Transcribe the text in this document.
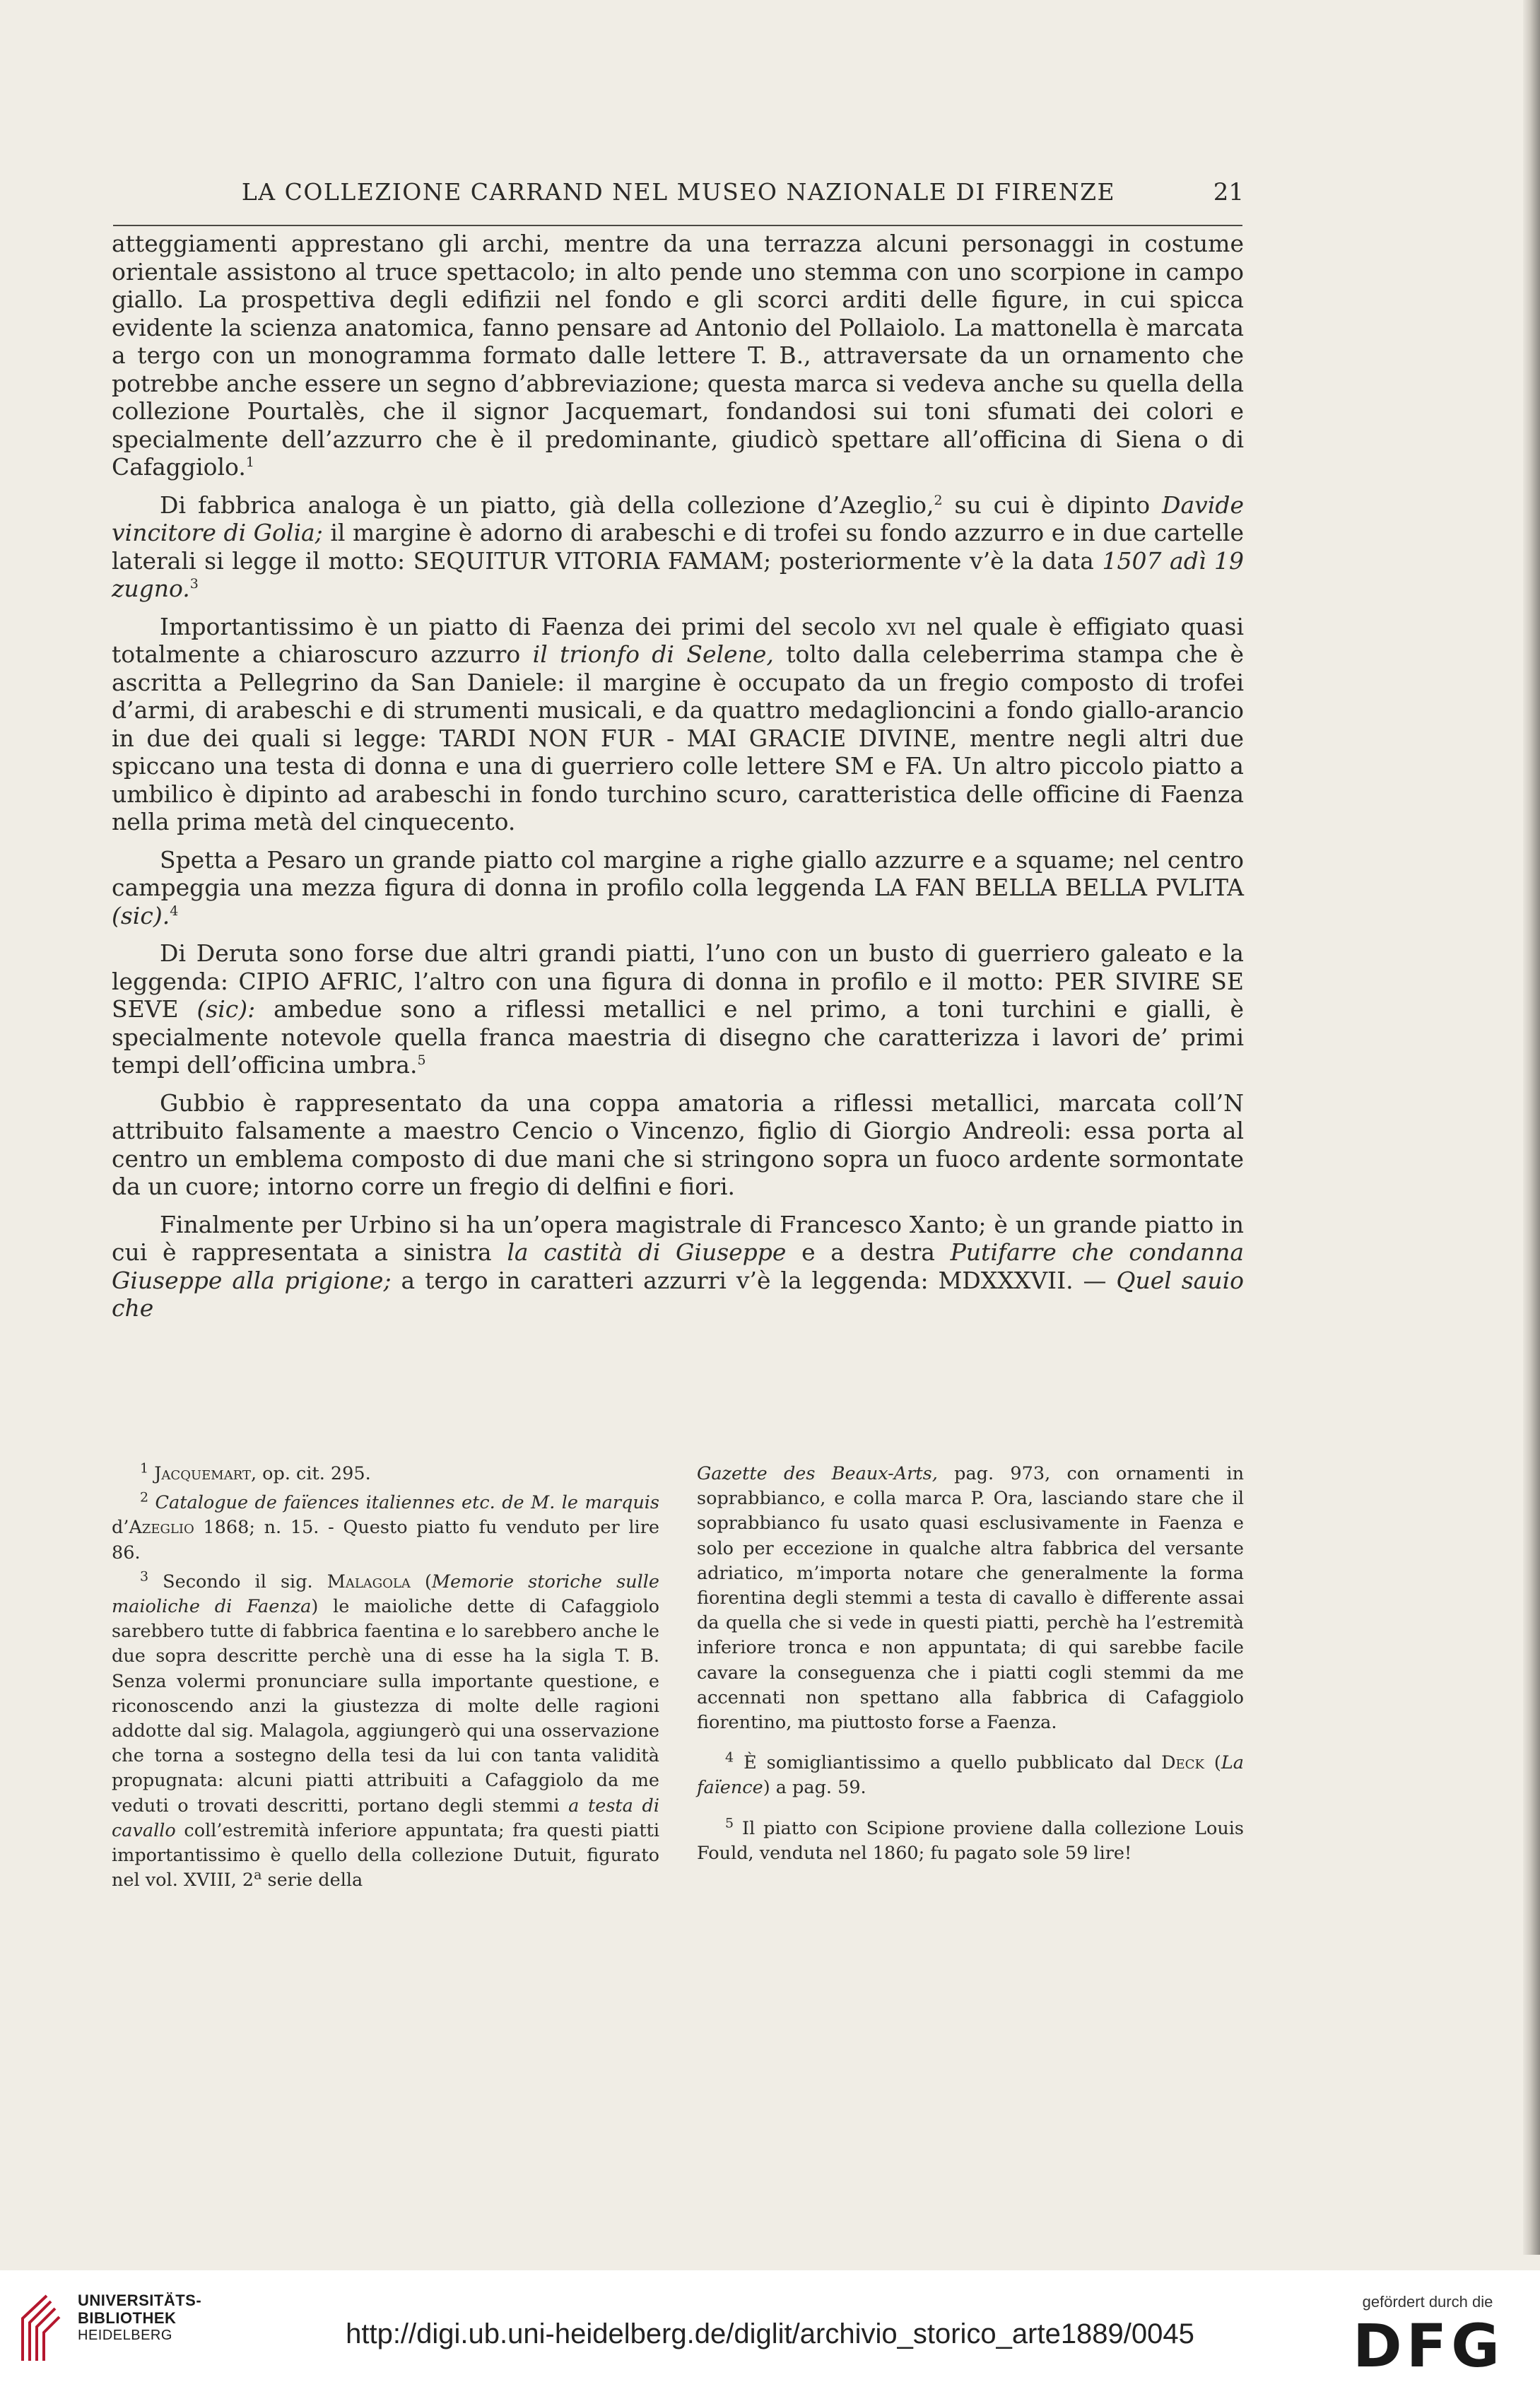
LA COLLEZIONE CARRAND NEL MUSEO NAZIONALE DI FIRENZE	21

atteggiamenti apprestano gli archi, mentre da una terrazza alcuni personaggi in costume orientale assistono al truce spettacolo; in alto pende uno stemma con uno scorpione in campo giallo. La prospettiva degli edifizii nel fondo e gli scorci arditi delle figure, in cui spicca evidente la scienza anatomica, fanno pensare ad Antonio del Pollaiolo. La mattonella è marcata a tergo con un monogramma formato dalle lettere T. B., attraversate da un ornamento che potrebbe anche essere un segno d’abbreviazione; questa marca si vedeva anche su quella della collezione Pourtalès, che il signor Jacquemart, fondandosi sui toni sfumati dei colori e specialmente dell’azzurro che è il predominante, giudicò spettare all’officina di Siena o di Cafaggiolo.$^1$

Di fabbrica analoga è un piatto, già della collezione d’Azeglio,$^2$ su cui è dipinto Davide vincitore di Golia; il margine è adorno di arabeschi e di trofei su fondo azzurro e in due cartelle laterali si legge il motto: SEQUITUR VITORIA FAMAM; posteriormente v’è la data 1507 adì 19 zugno.$^3$

Importantissimo è un piatto di Faenza dei primi del secolo xvi nel quale è effigiato quasi totalmente a chiaroscuro azzurro il trionfo di Selene, tolto dalla celeberrima stampa che è ascritta a Pellegrino da San Daniele: il margine è occupato da un fregio composto di trofei d’armi, di arabeschi e di strumenti musicali, e da quattro medaglioncini a fondo giallo-arancio in due dei quali si legge: TARDI NON FUR - MAI GRACIE DIVINE, mentre negli altri due spiccano una testa di donna e una di guerriero colle lettere SM e FA. Un altro piccolo piatto a umbilico è dipinto ad arabeschi in fondo turchino scuro, caratteristica delle officine di Faenza nella prima metà del cinquecento.

Spetta a Pesaro un grande piatto col margine a righe giallo azzurre e a squame; nel centro campeggia una mezza figura di donna in profilo colla leggenda LA FAN BELLA BELLA PVLITA (sic).$^4$

Di Deruta sono forse due altri grandi piatti, l’uno con un busto di guerriero galeato e la leggenda: CIPIO AFRIC, l’altro con una figura di donna in profilo e il motto: PER SIVIRE SE SEVE (sic): ambedue sono a riflessi metallici e nel primo, a toni turchini e gialli, è specialmente notevole quella franca maestria di disegno che caratterizza i lavori de’ primi tempi dell’officina umbra.$^5$

Gubbio è rappresentato da una coppa amatoria a riflessi metallici, marcata coll’N attribuito falsamente a maestro Cencio o Vincenzo, figlio di Giorgio Andreoli: essa porta al centro un emblema composto di due mani che si stringono sopra un fuoco ardente sormontate da un cuore; intorno corre un fregio di delfini e fiori.

Finalmente per Urbino si ha un’opera magistrale di Francesco Xanto; è un grande piatto in cui è rappresentata a sinistra la castità di Giuseppe e a destra Putifarre che condanna Giuseppe alla prigione; a tergo in caratteri azzurri v’è la leggenda: MDXXXVII. — Quel sauio che

$^1$ Jacquemart, op. cit. 295.

$^2$ Catalogue de faïences italiennes etc. de M. le marquis d’Azeglio 1868; n. 15. - Questo piatto fu venduto per lire 86.

$^3$ Secondo il sig. Malagola (Memorie storiche sulle maioliche di Faenza) le maioliche dette di Cafaggiolo sarebbero tutte di fabbrica faentina e lo sarebbero anche le due sopra descritte perchè una di esse ha la sigla T. B. Senza volermi pronunciare sulla importante questione, e riconoscendo anzi la giustezza di molte delle ragioni addotte dal sig. Malagola, aggiungerò qui una osservazione che torna a sostegno della tesi da lui con tanta validità propugnata: alcuni piatti attribuiti a Cafaggiolo da me veduti o trovati descritti, portano degli stemmi a testa di cavallo coll’estremità inferiore appuntata; fra questi piatti importantissimo è quello della collezione Dutuit, figurato nel vol. XVIII, 2$^a$ serie della

Gazette des Beaux-Arts, pag. 973, con ornamenti in soprabbianco, e colla marca P. Ora, lasciando stare che il soprabbianco fu usato quasi esclusivamente in Faenza e solo per eccezione in qualche altra fabbrica del versante adriatico, m’importa notare che generalmente la forma fiorentina degli stemmi a testa di cavallo è differente assai da quella che si vede in questi piatti, perchè ha l’estremità inferiore tronca e non appuntata; di qui sarebbe facile cavare la conseguenza che i piatti cogli stemmi da me accennati non spettano alla fabbrica di Cafaggiolo fiorentino, ma piuttosto forse a Faenza.

$^4$ È somigliantissimo a quello pubblicato dal Deck (La faïence) a pag. 59.

$^5$ Il piatto con Scipione proviene dalla collezione Louis Fould, venduta nel 1860; fu pagato sole 59 lire!

UNIVERSITÄTS-
BIBLIOTHEK
HEIDELBERG	http://digi.ub.uni-heidelberg.de/diglit/archivio_storico_arte1889/0045
gefördert durch die
DFG
